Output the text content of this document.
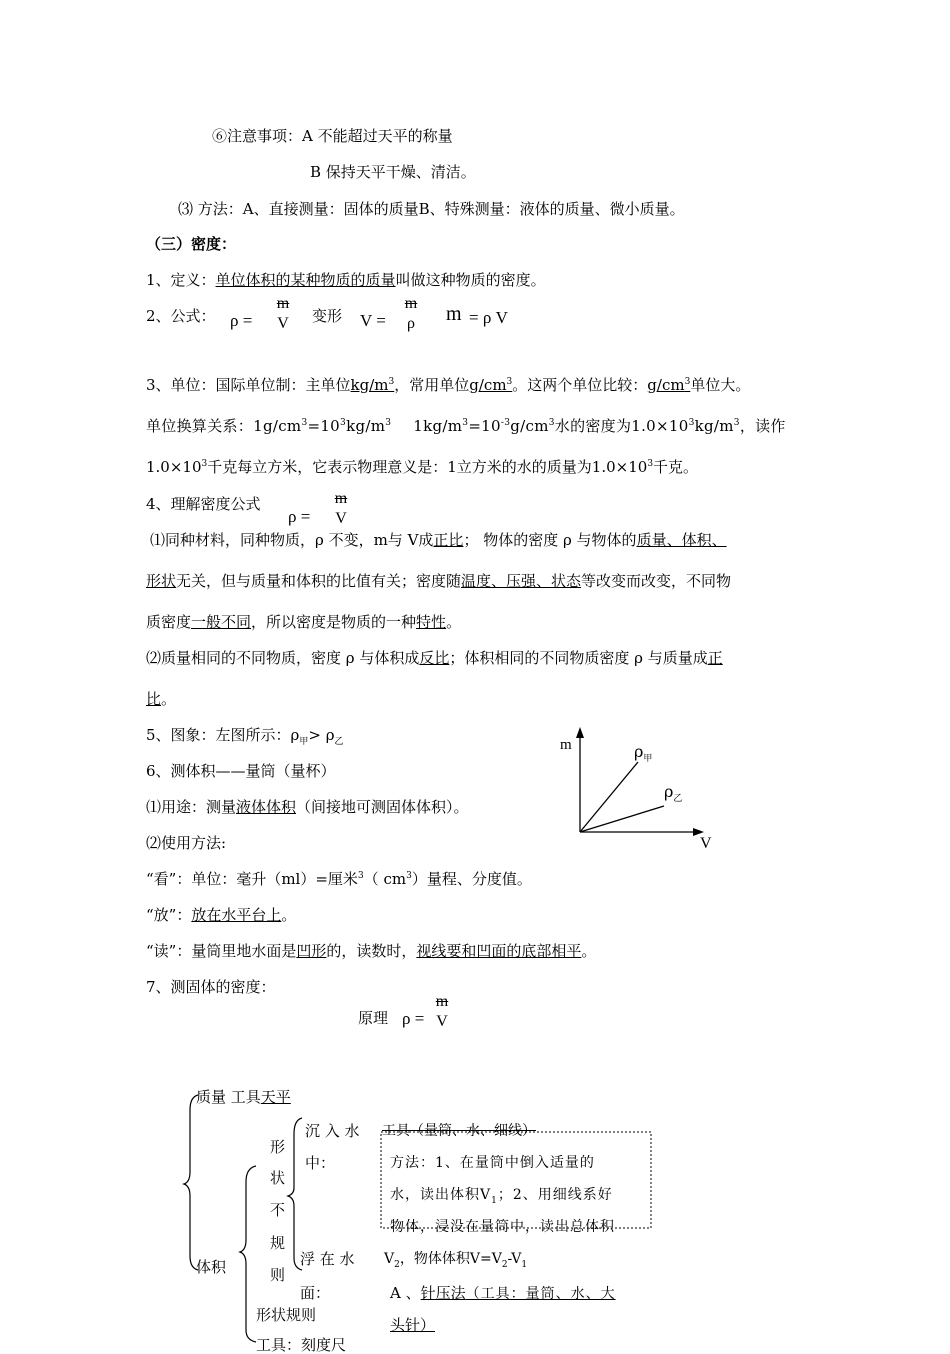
⑥注意事项：A 不能超过天平的称量
B 保持天平干燥、清洁。
⑶ 方法：A、直接测量：固体的质量B、特殊测量：液体的质量、微小质量。
（三）密度：
1、定义：单位体积的某种物质的质量叫做这种物质的密度。
2、公式： ρ =
m
V	变形 V =
m
ρ	m = ρ V
3、单位：国际单位制：主单位$kg/m^3$，常用单位$g/cm^3$。这两个单位比较：$g/cm^3$单位大。
单位换算关系：$1g/cm^3=10^3kg/m^3$ $1kg/m^3=10^{-3}g/cm^3$水的密度为$1.0\times 10^3kg/m^3$，读作
$1.0\times 10^3$千克每立方米，它表示物理意义是：1立方米的水的质量为$1.0\times 10^3$千克。
4、理解密度公式
ρ =
m
V
⑴同种材料，同种物质，ρ 不变，m与 V成正比； 物体的密度 ρ 与物体的质量、体积、
形状无关，但与质量和体积的比值有关；密度随温度、压强、状态等改变而改变，不同物
质密度一般不同，所以密度是物质的一种特性。
⑵质量相同的不同物质，密度 ρ 与体积成反比；体积相同的不同物质密度 ρ 与质量成正
比。
5、图象：左图所示：$\rho_甲> \rho_乙$	m
V
$\rho_甲$
$\rho_乙$
6、测体积——量筒（量杯）
⑴用途：测量液体体积（间接地可测固体体积）。
⑵使用方法:
“看”：单位：毫升（ml）=厘米$^3$（ $cm^3$）量程、分度值。
“放”：放在水平台上。
“读”：量筒里地水面是凹形的，读数时，视线要和凹面的底部相平。
7、测固体的密度：
原理 ρ =
m
V
质量 工具天平
形
状
不
规
则
体积
沉 入 水 工具（量筒、水、细线）
中：	方法：1、在量筒中倒入适量的
水，读出体积$V_1$；2、用细线系好
物体，浸没在量筒中，读出总体积
浮 在 水 $V_2$，物体体积$V=V_2-V_1$
面：	A 、针压法（工具：量筒、水、大
头针）
形状规则
工具：刻度尺
